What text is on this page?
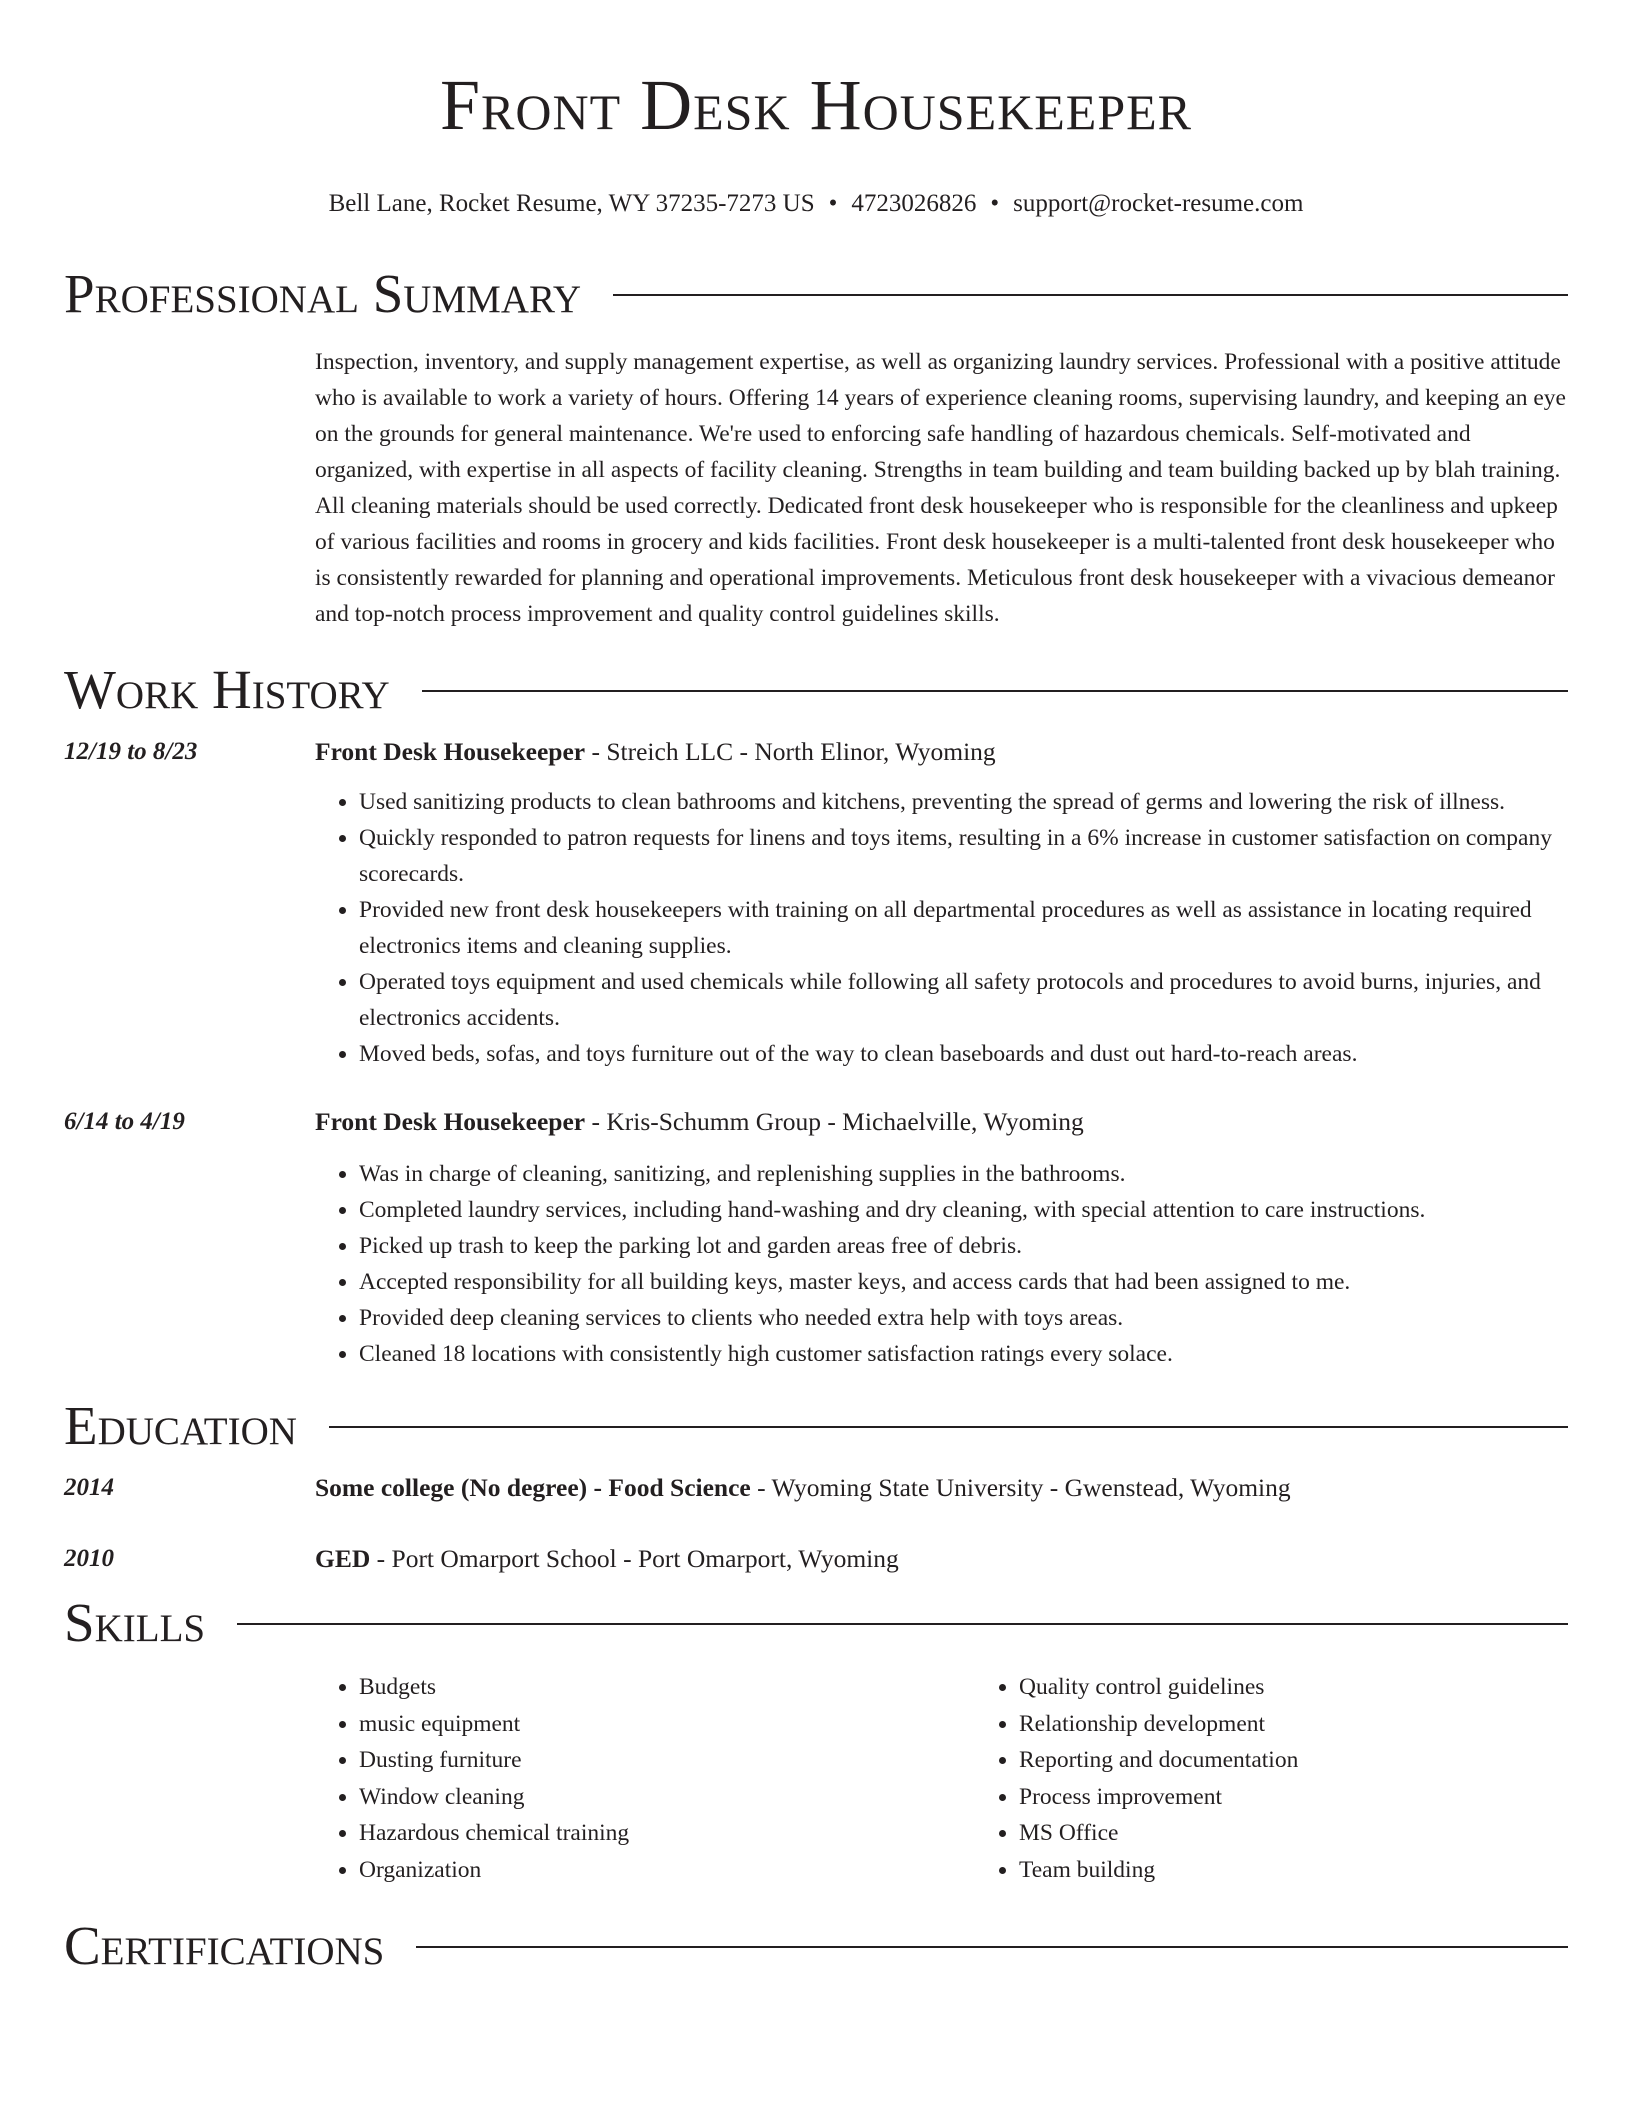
Front Desk Housekeeper
Bell Lane, Rocket Resume, WY 37235-7273 US • 4723026826 • support@rocket-resume.com
Professional Summary
Inspection, inventory, and supply management expertise, as well as organizing laundry services. Professional with a positive attitude who is available to work a variety of hours. Offering 14 years of experience cleaning rooms, supervising laundry, and keeping an eye on the grounds for general maintenance. We're used to enforcing safe handling of hazardous chemicals. Self-motivated and organized, with expertise in all aspects of facility cleaning. Strengths in team building and team building backed up by blah training. All cleaning materials should be used correctly. Dedicated front desk housekeeper who is responsible for the cleanliness and upkeep of various facilities and rooms in grocery and kids facilities. Front desk housekeeper is a multi-talented front desk housekeeper who is consistently rewarded for planning and operational improvements. Meticulous front desk housekeeper with a vivacious demeanor and top-notch process improvement and quality control guidelines skills.
Work History
12/19 to 8/23	Front Desk Housekeeper - Streich LLC - North Elinor, Wyoming
• Used sanitizing products to clean bathrooms and kitchens, preventing the spread of germs and lowering the risk of illness.
• Quickly responded to patron requests for linens and toys items, resulting in a 6% increase in customer satisfaction on company scorecards.
• Provided new front desk housekeepers with training on all departmental procedures as well as assistance in locating required electronics items and cleaning supplies.
• Operated toys equipment and used chemicals while following all safety protocols and procedures to avoid burns, injuries, and electronics accidents.
• Moved beds, sofas, and toys furniture out of the way to clean baseboards and dust out hard-to-reach areas.
6/14 to 4/19	Front Desk Housekeeper - Kris-Schumm Group - Michaelville, Wyoming
• Was in charge of cleaning, sanitizing, and replenishing supplies in the bathrooms.
• Completed laundry services, including hand-washing and dry cleaning, with special attention to care instructions.
• Picked up trash to keep the parking lot and garden areas free of debris.
• Accepted responsibility for all building keys, master keys, and access cards that had been assigned to me.
• Provided deep cleaning services to clients who needed extra help with toys areas.
• Cleaned 18 locations with consistently high customer satisfaction ratings every solace.
Education
2014	Some college (No degree) - Food Science - Wyoming State University - Gwenstead, Wyoming
2010	GED - Port Omarport School - Port Omarport, Wyoming
Skills
• Budgets
• music equipment
• Dusting furniture
• Window cleaning
• Hazardous chemical training
• Organization
• Quality control guidelines
• Relationship development
• Reporting and documentation
• Process improvement
• MS Office
• Team building
Certifications
